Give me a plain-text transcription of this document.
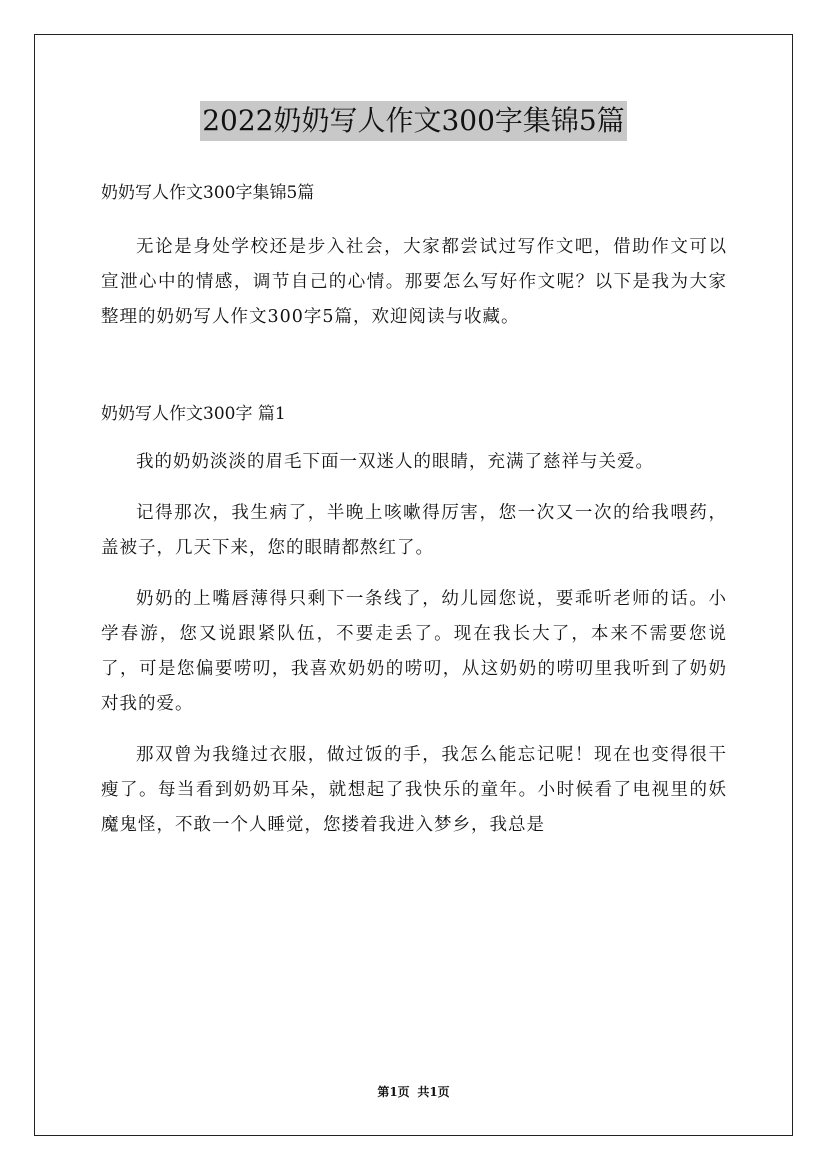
2022奶奶写人作文300字集锦5篇

奶奶写人作文300字集锦5篇

无论是身处学校还是步入社会，大家都尝试过写作文吧，借助作文可以宣泄心中的情感，调节自己的心情。那要怎么写好作文呢？以下是我为大家整理的奶奶写人作文300字5篇，欢迎阅读与收藏。

奶奶写人作文300字 篇1

我的奶奶淡淡的眉毛下面一双迷人的眼睛，充满了慈祥与关爱。

记得那次，我生病了，半晚上咳嗽得厉害，您一次又一次的给我喂药，盖被子，几天下来，您的眼睛都熬红了。

奶奶的上嘴唇薄得只剩下一条线了，幼儿园您说，要乖听老师的话。小学春游，您又说跟紧队伍，不要走丢了。现在我长大了，本来不需要您说了，可是您偏要唠叨，我喜欢奶奶的唠叨，从这奶奶的唠叨里我听到了奶奶对我的爱。

那双曾为我缝过衣服，做过饭的手，我怎么能忘记呢！现在也变得很干瘦了。每当看到奶奶耳朵，就想起了我快乐的童年。小时候看了电视里的妖魔鬼怪，不敢一个人睡觉，您搂着我进入梦乡，我总是

第1页 共1页
